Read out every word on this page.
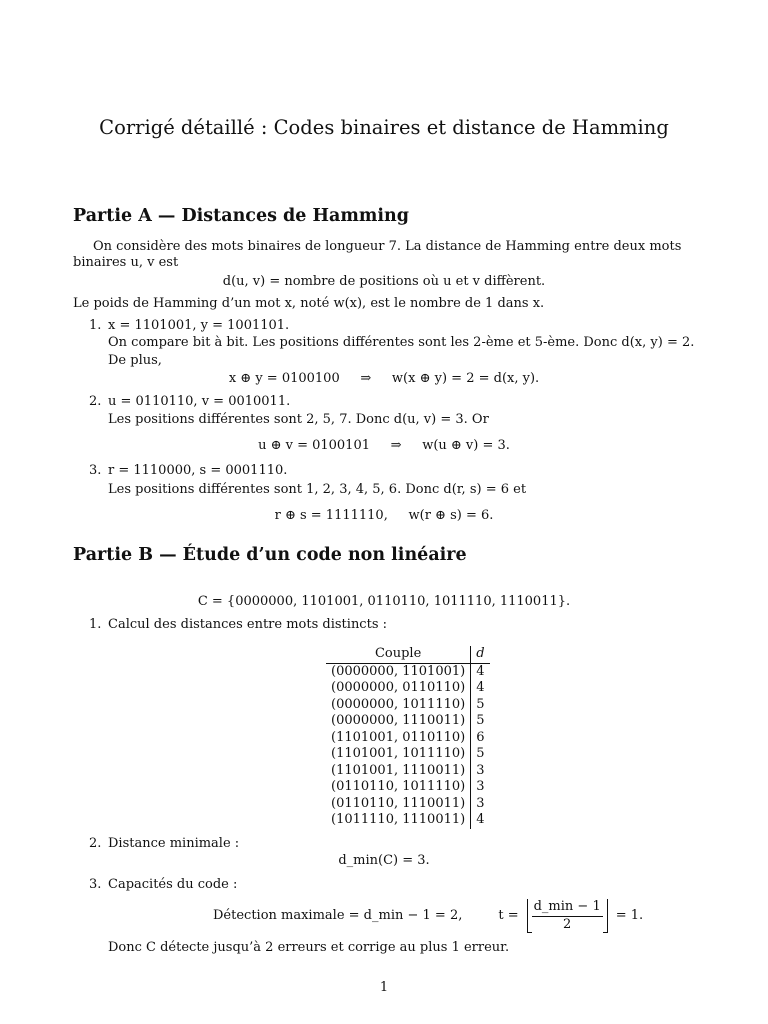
Corrigé détaillé : Codes binaires et distance de Hamming
Partie A — Distances de Hamming
On considère des mots binaires de longueur 7. La distance de Hamming entre deux mots binaires u, v est
d(u, v) = nombre de positions où u et v diffèrent.
Le poids de Hamming d’un mot x, noté w(x), est le nombre de 1 dans x.
1. x = 1101001, y = 1001101.
On compare bit à bit. Les positions différentes sont les 2-ème et 5-ème. Donc d(x, y) = 2.
De plus,
x ⊕ y = 0100100     ⇒     w(x ⊕ y) = 2 = d(x, y).
2. u = 0110110, v = 0010011.
Les positions différentes sont 2, 5, 7. Donc d(u, v) = 3. Or
u ⊕ v = 0100101     ⇒     w(u ⊕ v) = 3.
3. r = 1110000, s = 0001110.
Les positions différentes sont 1, 2, 3, 4, 5, 6. Donc d(r, s) = 6 et
r ⊕ s = 1111110,     w(r ⊕ s) = 6.
Partie B — Étude d’un code non linéaire
C = {0000000, 1101001, 0110110, 1011110, 1110011}.
1. Calcul des distances entre mots distincts :
Couple	d
(0000000, 1101001)	4
(0000000, 0110110)	4
(0000000, 1011110)	5
(0000000, 1110011)	5
(1101001, 0110110)	6
(1101001, 1011110)	5
(1101001, 1110011)	3
(0110110, 1011110)	3
(0110110, 1110011)	3
(1011110, 1110011)	4
2. Distance minimale :
d_min(C) = 3.
3. Capacités du code :
Détection maximale = d_min − 1 = 2,	$t = \frac{d\_\min - 1}{2} = 1$.
Donc C détecte jusqu’à 2 erreurs et corrige au plus 1 erreur.
1
